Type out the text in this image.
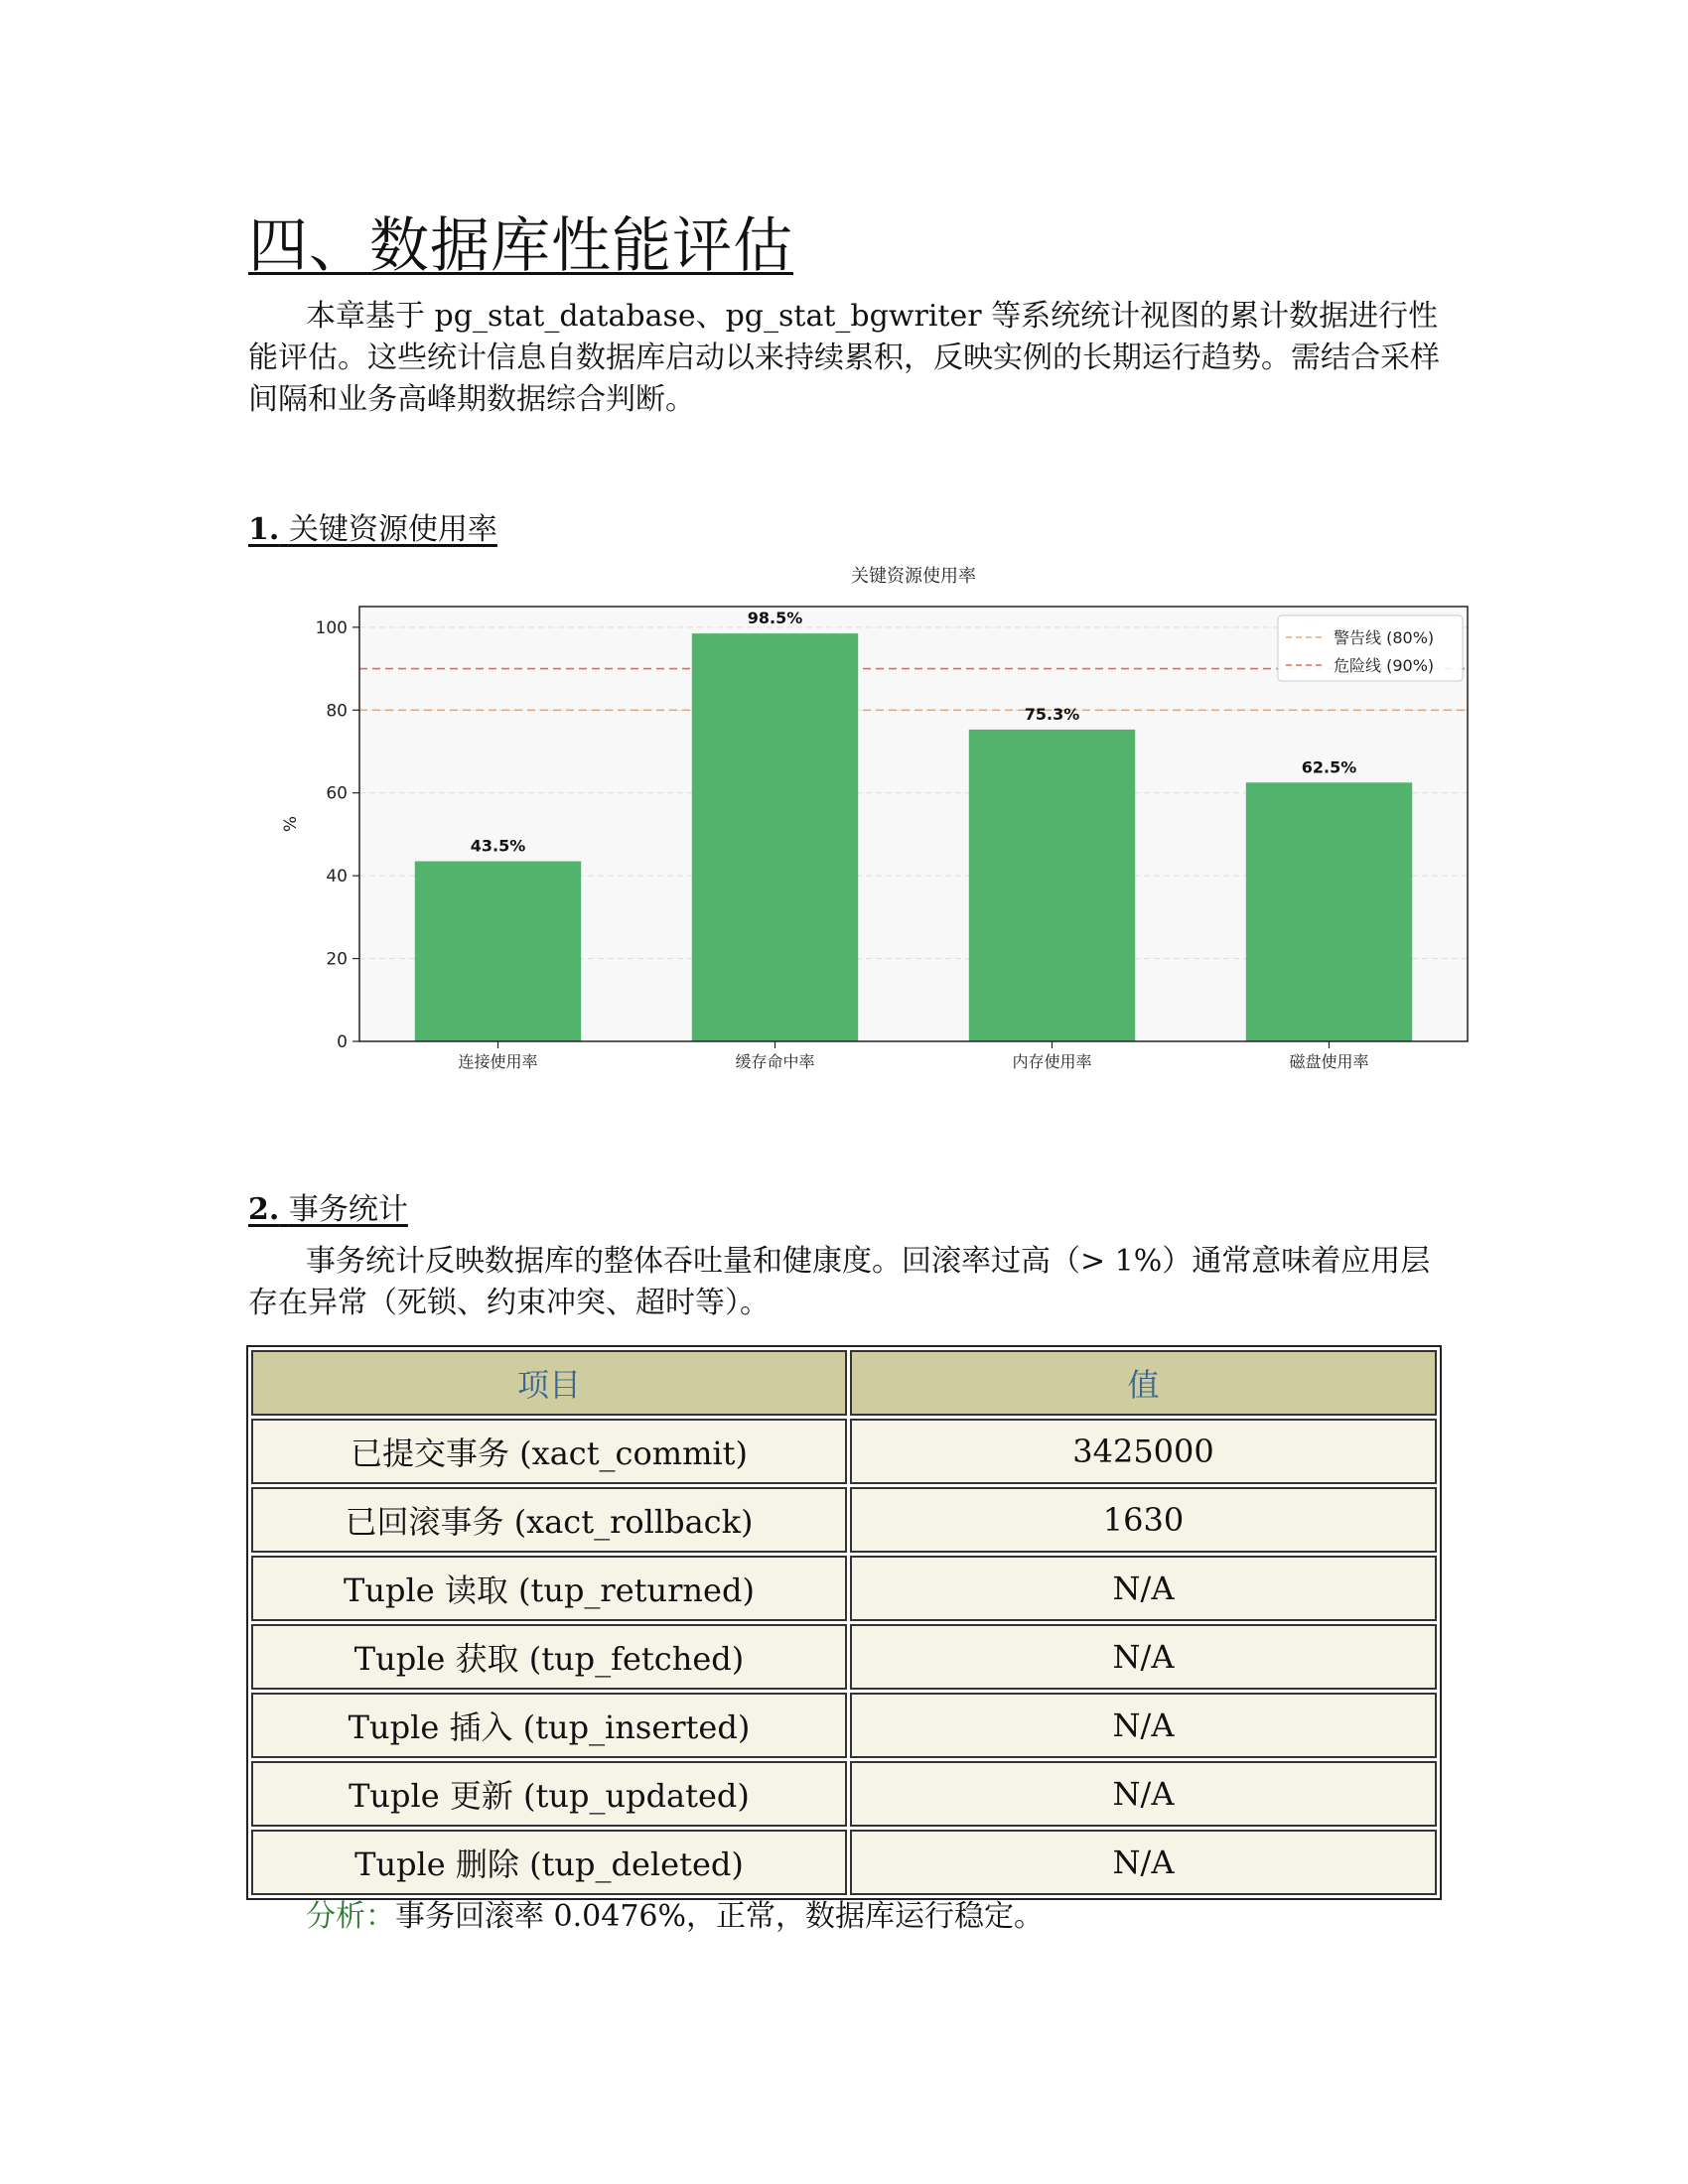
四、数据库性能评估

本章基于 pg_stat_database、pg_stat_bgwriter 等系统统计视图的累计数据进行性能评估。这些统计信息自数据库启动以来持续累积，反映实例的长期运行趋势。需结合采样间隔和业务高峰期数据综合判断。

1. 关键资源使用率
关键资源使用率
%
0
20
40
60
80
100
43.5%
连接使用率
98.5%
缓存命中率
75.3%
内存使用率
62.5%
磁盘使用率
警告线 (80%)
危险线 (90%)
2. 事务统计

事务统计反映数据库的整体吞吐量和健康度。回滚率过高（> 1%）通常意味着应用层存在异常（死锁、约束冲突、超时等）。

项目	值
已提交事务 (xact_commit)	3425000
已回滚事务 (xact_rollback)	1630
Tuple 读取 (tup_returned)	N/A
Tuple 获取 (tup_fetched)	N/A
Tuple 插入 (tup_inserted)	N/A
Tuple 更新 (tup_updated)	N/A
Tuple 删除 (tup_deleted)	N/A

分析：事务回滚率 0.0476%，正常，数据库运行稳定。
